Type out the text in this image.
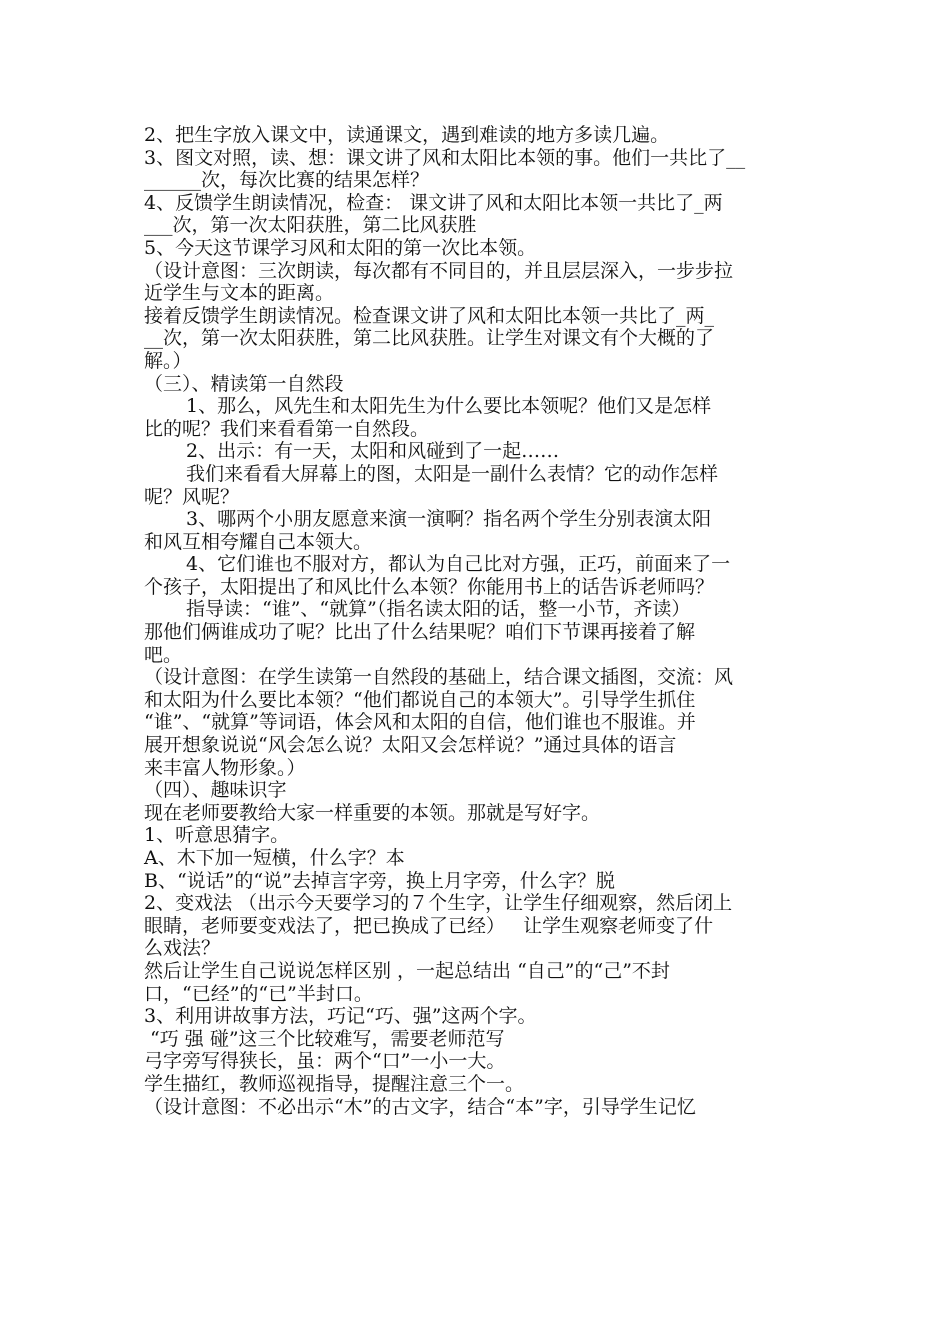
2、把生字放入课文中，读通课文，遇到难读的地方多读几遍。
3、图文对照，读、想：课文讲了风和太阳比本领的事。他们一共比了__
______次，每次比赛的结果怎样？
4、反馈学生朗读情况，检查： 课文讲了风和太阳比本领一共比了_两
___次，第一次太阳获胜，第二比风获胜
5、今天这节课学习风和太阳的第一次比本领。
（设计意图：三次朗读，每次都有不同目的，并且层层深入，一步步拉
近学生与文本的距离。
接着反馈学生朗读情况。检查课文讲了风和太阳比本领一共比了_两_
__次，第一次太阳获胜，第二比风获胜。让学生对课文有个大概的了
解。）
（三）、精读第一自然段
1、那么，风先生和太阳先生为什么要比本领呢？他们又是怎样
比的呢？我们来看看第一自然段。
2、出示：有一天，太阳和风碰到了一起……
我们来看看大屏幕上的图，太阳是一副什么表情？它的动作怎样
呢？风呢？
3、哪两个小朋友愿意来演一演啊？指名两个学生分别表演太阳
和风互相夸耀自己本领大。
4、它们谁也不服对方，都认为自己比对方强，正巧，前面来了一
个孩子，太阳提出了和风比什么本领？你能用书上的话告诉老师吗？
指导读：“谁”、“就算”（指名读太阳的话，整一小节，齐读）
那他们俩谁成功了呢？比出了什么结果呢？咱们下节课再接着了解
吧。
（设计意图：在学生读第一自然段的基础上，结合课文插图，交流：风
和太阳为什么要比本领？“他们都说自己的本领大”。引导学生抓住
“谁”、“就算”等词语，体会风和太阳的自信，他们谁也不服谁。并
展开想象说说“风会怎么说？太阳又会怎样说？”通过具体的语言
来丰富人物形象。）
（四）、趣味识字
现在老师要教给大家一样重要的本领。那就是写好字。
1、听意思猜字。
A、木下加一短横，什么字？本
B、“说话”的“说”去掉言字旁，换上月字旁，什么字？脱
2、变戏法 （出示今天要学习的７个生字，让学生仔细观察，然后闭上
眼睛，老师要变戏法了，把已换成了已经）   让学生观察老师变了什
么戏法？
然后让学生自己说说怎样区别 ，一起总结出 “自己”的“己”不封
口，“已经”的“已”半封口。
3、利用讲故事方法，巧记“巧、强”这两个字。
“巧 强 碰”这三个比较难写，需要老师范写
弓字旁写得狭长，虽：两个“口”一小一大。
学生描红，教师巡视指导，提醒注意三个一。
（设计意图：不必出示“木”的古文字，结合“本”字，引导学生记忆
